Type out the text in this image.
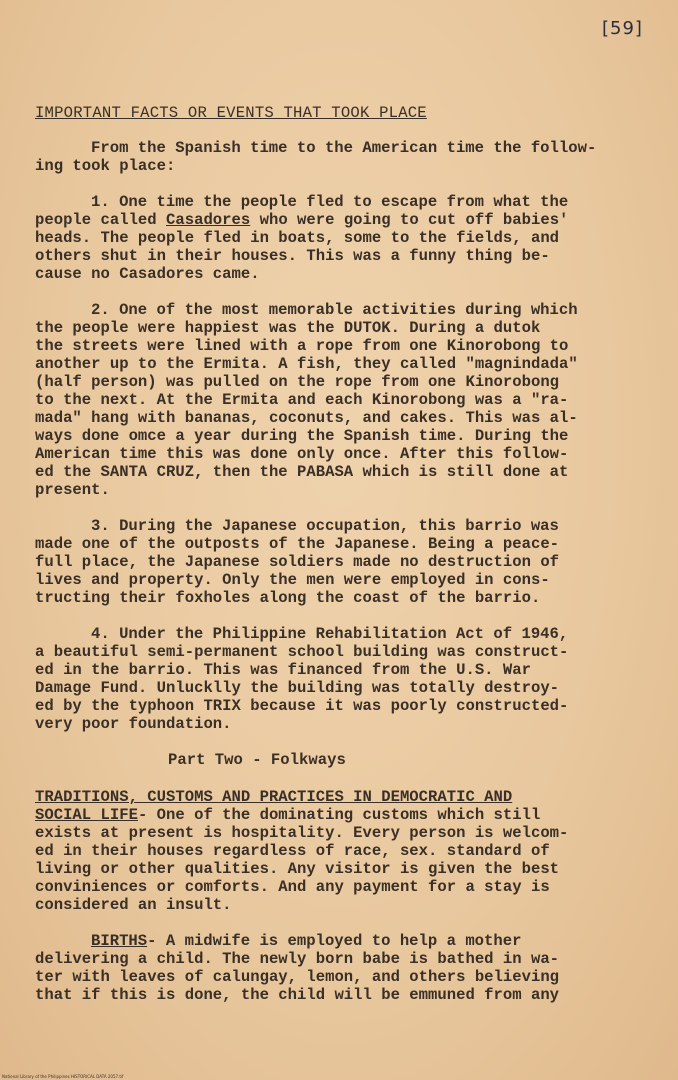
[59]
IMPORTANT FACTS OR EVENTS THAT TOOK PLACE

From the Spanish time to the American time the follow-
ing took place:

1. One time the people fled to escape from what the
people called Casadores who were going to cut off babies'
heads. The people fled in boats, some to the fields, and
others shut in their houses. This was a funny thing be-
cause no Casadores came.

2. One of the most memorable activities during which
the people were happiest was the DUTOK. During a dutok
the streets were lined with a rope from one Kinorobong to
another up to the Ermita. A fish, they called "magnindada"
(half person) was pulled on the rope from one Kinorobong
to the next. At the Ermita and each Kinorobong was a "ra-
mada" hang with bananas, coconuts, and cakes. This was al-
ways done omce a year during the Spanish time. During the
American time this was done only once. After this follow-
ed the SANTA CRUZ, then the PABASA which is still done at
present.

3. During the Japanese occupation, this barrio was
made one of the outposts of the Japanese. Being a peace-
full place, the Japanese soldiers made no destruction of
lives and property. Only the men were employed in cons-
tructing their foxholes along the coast of the barrio.

4. Under the Philippine Rehabilitation Act of 1946,
a beautiful semi-permanent school building was construct-
ed in the barrio. This was financed from the U.S. War
Damage Fund. Unlucklly the building was totally destroy-
ed by the typhoon TRIX because it was poorly constructed-
very poor foundation.

Part Two - Folkways

TRADITIONS, CUSTOMS AND PRACTICES IN DEMOCRATIC AND
SOCIAL LIFE- One of the dominating customs which still
exists at present is hospitality. Every person is welcom-
ed in their houses regardless of race, sex. standard of
living or other qualities. Any visitor is given the best
conviniences or comforts. And any payment for a stay is
considered an insult.

BIRTHS- A midwife is employed to help a mother
delivering a child. The newly born babe is bathed in wa-
ter with leaves of calungay, lemon, and others believing
that if this is done, the child will be emmuned from any

National Library of the Philippines HISTORICAL DATA 2057.tif
